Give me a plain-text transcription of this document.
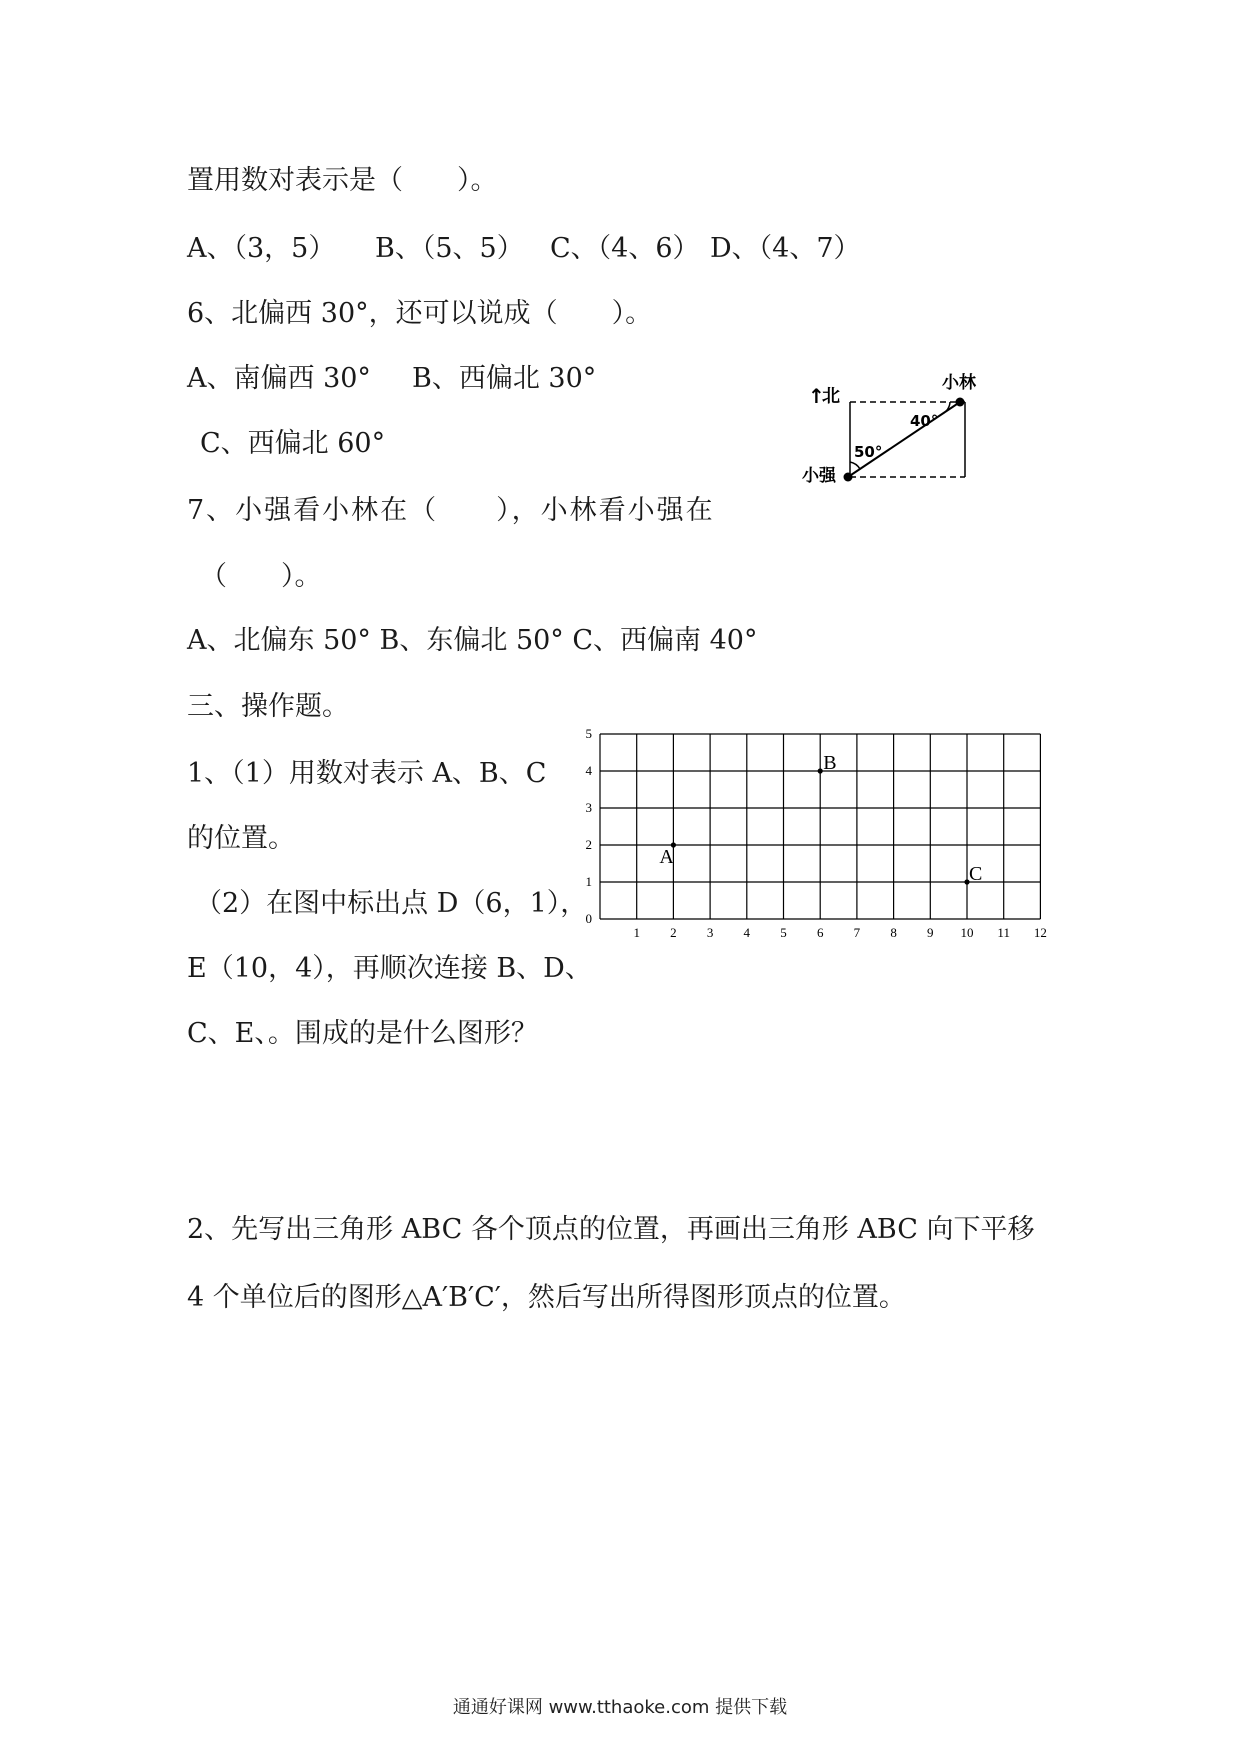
置用数对表示是（　　）。
A、（3，5） B、（5、5） C、（4、6） D、（4、7）
6、北偏西 30°，还可以说成（　　）。
A、南偏西 30° B、西偏北 30°
C、西偏北 60°
↑
北
小林
40°
50°
小强
7、小强看小林在（　　），小林看小强在
（　　）。
A、北偏东 50° B、东偏北 50° C、西偏南 40°
三、操作题。
1、（1）用数对表示 A、B、C
的位置。
（2）在图中标出点 D（6，1），
E（10，4），再顺次连接 B、D、
C、E、。围成的是什么图形？
1 2 3 4 5 6 7 8 9 10 11 12
0
1
2
3
4
5
A
B
C
2、先写出三角形 ABC 各个顶点的位置，再画出三角形 ABC 向下平移
4 个单位后的图形△A′B′C′，然后写出所得图形顶点的位置。
通通好课网 www.tthaoke.com 提供下载
